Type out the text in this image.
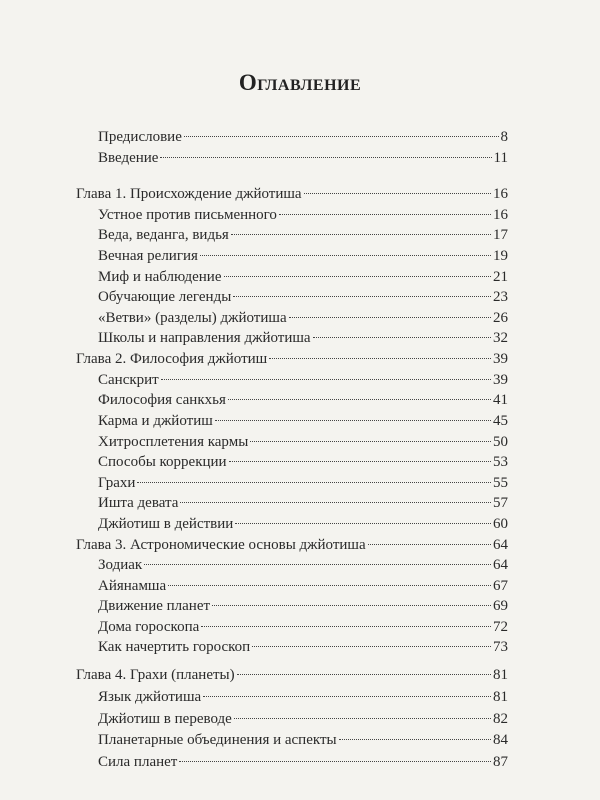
Оглавление
Предисловие	8
Введение	11
Глава 1. Происхождение джйотиша	16
Устное против письменного	16
Веда, веданга, видья	17
Вечная религия	19
Миф и наблюдение	21
Обучающие легенды	23
«Ветви» (разделы) джйотиша	26
Школы и направления джйотиша	32
Глава 2. Философия джйотиш	39
Санскрит	39
Философия санкхья	41
Карма и джйотиш	45
Хитросплетения кармы	50
Способы коррекции	53
Грахи	55
Ишта девата	57
Джйотиш в действии	60
Глава 3. Астрономические основы джйотиша	64
Зодиак	64
Айянамша	67
Движение планет	69
Дома гороскопа	72
Как начертить гороскоп	73
Глава 4. Грахи (планеты)	81
Язык джйотиша	81
Джйотиш в переводе	82
Планетарные объединения и аспекты	84
Сила планет	87
